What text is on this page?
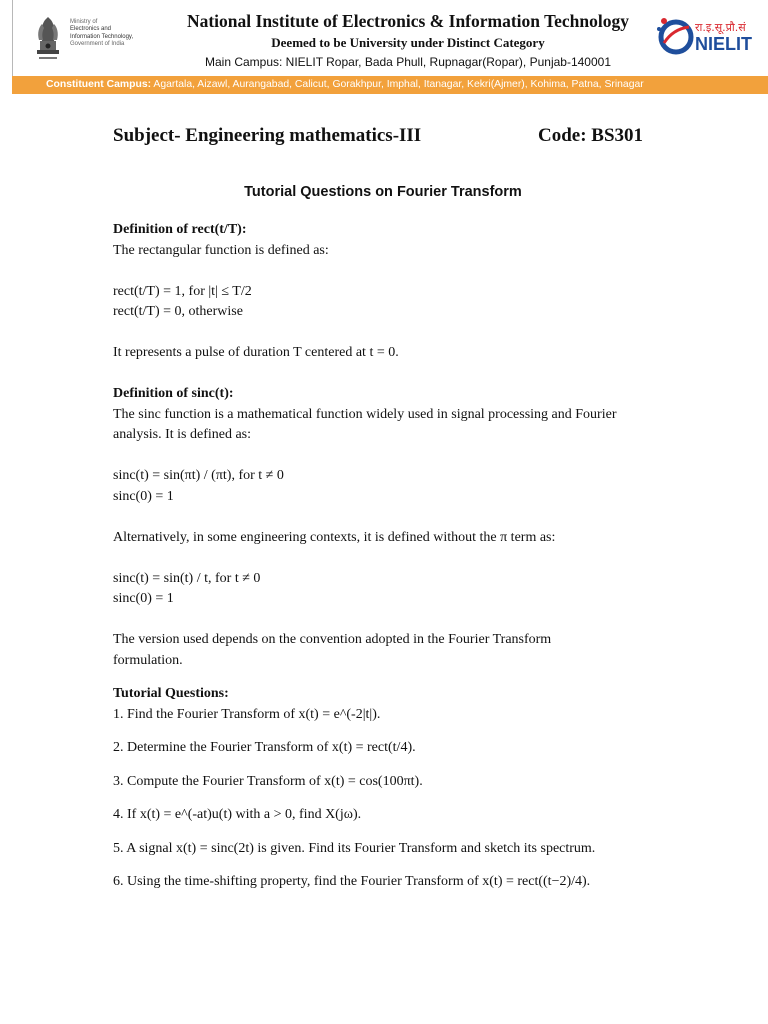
Ministry of
Electronics and
Information Technology,
Government of India
National Institute of Electronics & Information Technology
Deemed to be University under Distinct Category
Main Campus: NIELIT Ropar, Bada Phull, Rupnagar(Ropar), Punjab-140001
रा.इ.सू.प्रौ.सं
NIELIT
Constituent Campus: Agartala, Aizawl, Aurangabad, Calicut, Gorakhpur, Imphal, Itanagar, Kekri(Ajmer), Kohima, Patna, Srinagar
Subject- Engineering mathematics-III	Code: BS301
Tutorial Questions on Fourier Transform

Definition of rect(t/T):

The rectangular function is defined as:

rect(t/T) = 1, for |t| ≤ T/2

rect(t/T) = 0, otherwise

It represents a pulse of duration T centered at t = 0.

Definition of sinc(t):

The sinc function is a mathematical function widely used in signal processing and Fourier

analysis. It is defined as:

sinc(t) = sin(πt) / (πt), for t ≠ 0

sinc(0) = 1

Alternatively, in some engineering contexts, it is defined without the π term as:

sinc(t) = sin(t) / t, for t ≠ 0

sinc(0) = 1

The version used depends on the convention adopted in the Fourier Transform

formulation.

Tutorial Questions:

1. Find the Fourier Transform of x(t) = e^(-2|t|).

2. Determine the Fourier Transform of x(t) = rect(t/4).

3. Compute the Fourier Transform of x(t) = cos(100πt).

4. If x(t) = e^(-at)u(t) with a > 0, find X(jω).

5. A signal x(t) = sinc(2t) is given. Find its Fourier Transform and sketch its spectrum.

6. Using the time-shifting property, find the Fourier Transform of x(t) = rect((t−2)/4).
